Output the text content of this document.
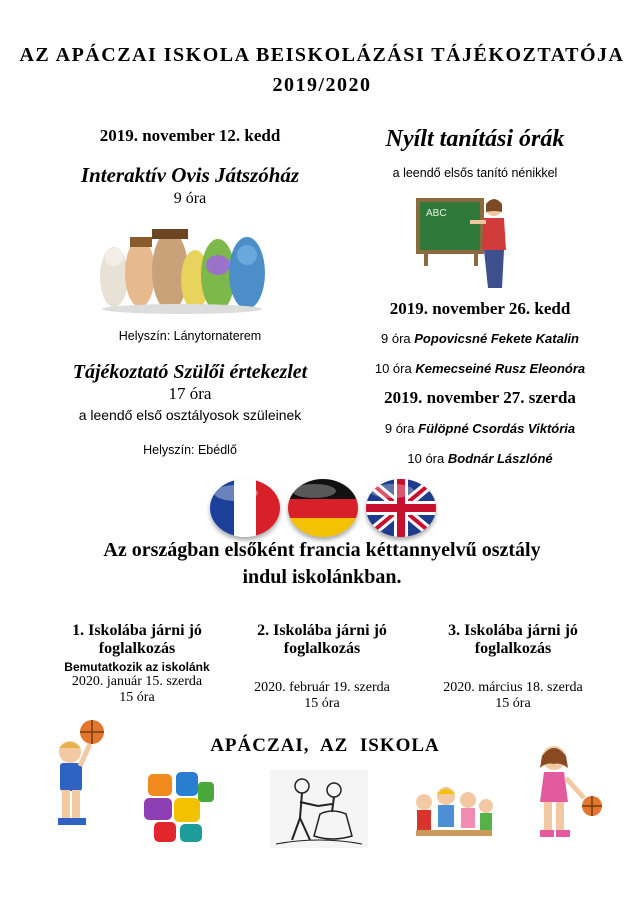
AZ APÁCZAI ISKOLA BEISKOLÁZÁSI TÁJÉKOZTATÓJA
2019/2020
2019. november 12. kedd
Interaktív Ovis Játszóház
9 óra
Helyszín: Lánytornaterem
Tájékoztató Szülői értekezlet
17 óra
a leendő első osztályosok szüleinek
Helyszín: Ebédlő
Nyílt tanítási órák
a leendő elsős tanító nénikkel
ABC
2019. november 26. kedd
9 óra Popovicsné Fekete Katalin
10 óra Kemecseiné Rusz Eleonóra
2019. november 27. szerda
9 óra Fülöpné Csordás Viktória
10 óra Bodnár Lászlóné
Az országban elsőként francia kéttannyelvű osztály
indul iskolánkban.
1. Iskolába járni jó
foglalkozás
Bemutatkozik az iskolánk
2020. január 15. szerda
15 óra
2. Iskolába járni jó
foglalkozás
2020. február 19. szerda
15 óra
3. Iskolába járni jó
foglalkozás
2020. március 18. szerda
15 óra
APÁCZAI,  AZ  ISKOLA
